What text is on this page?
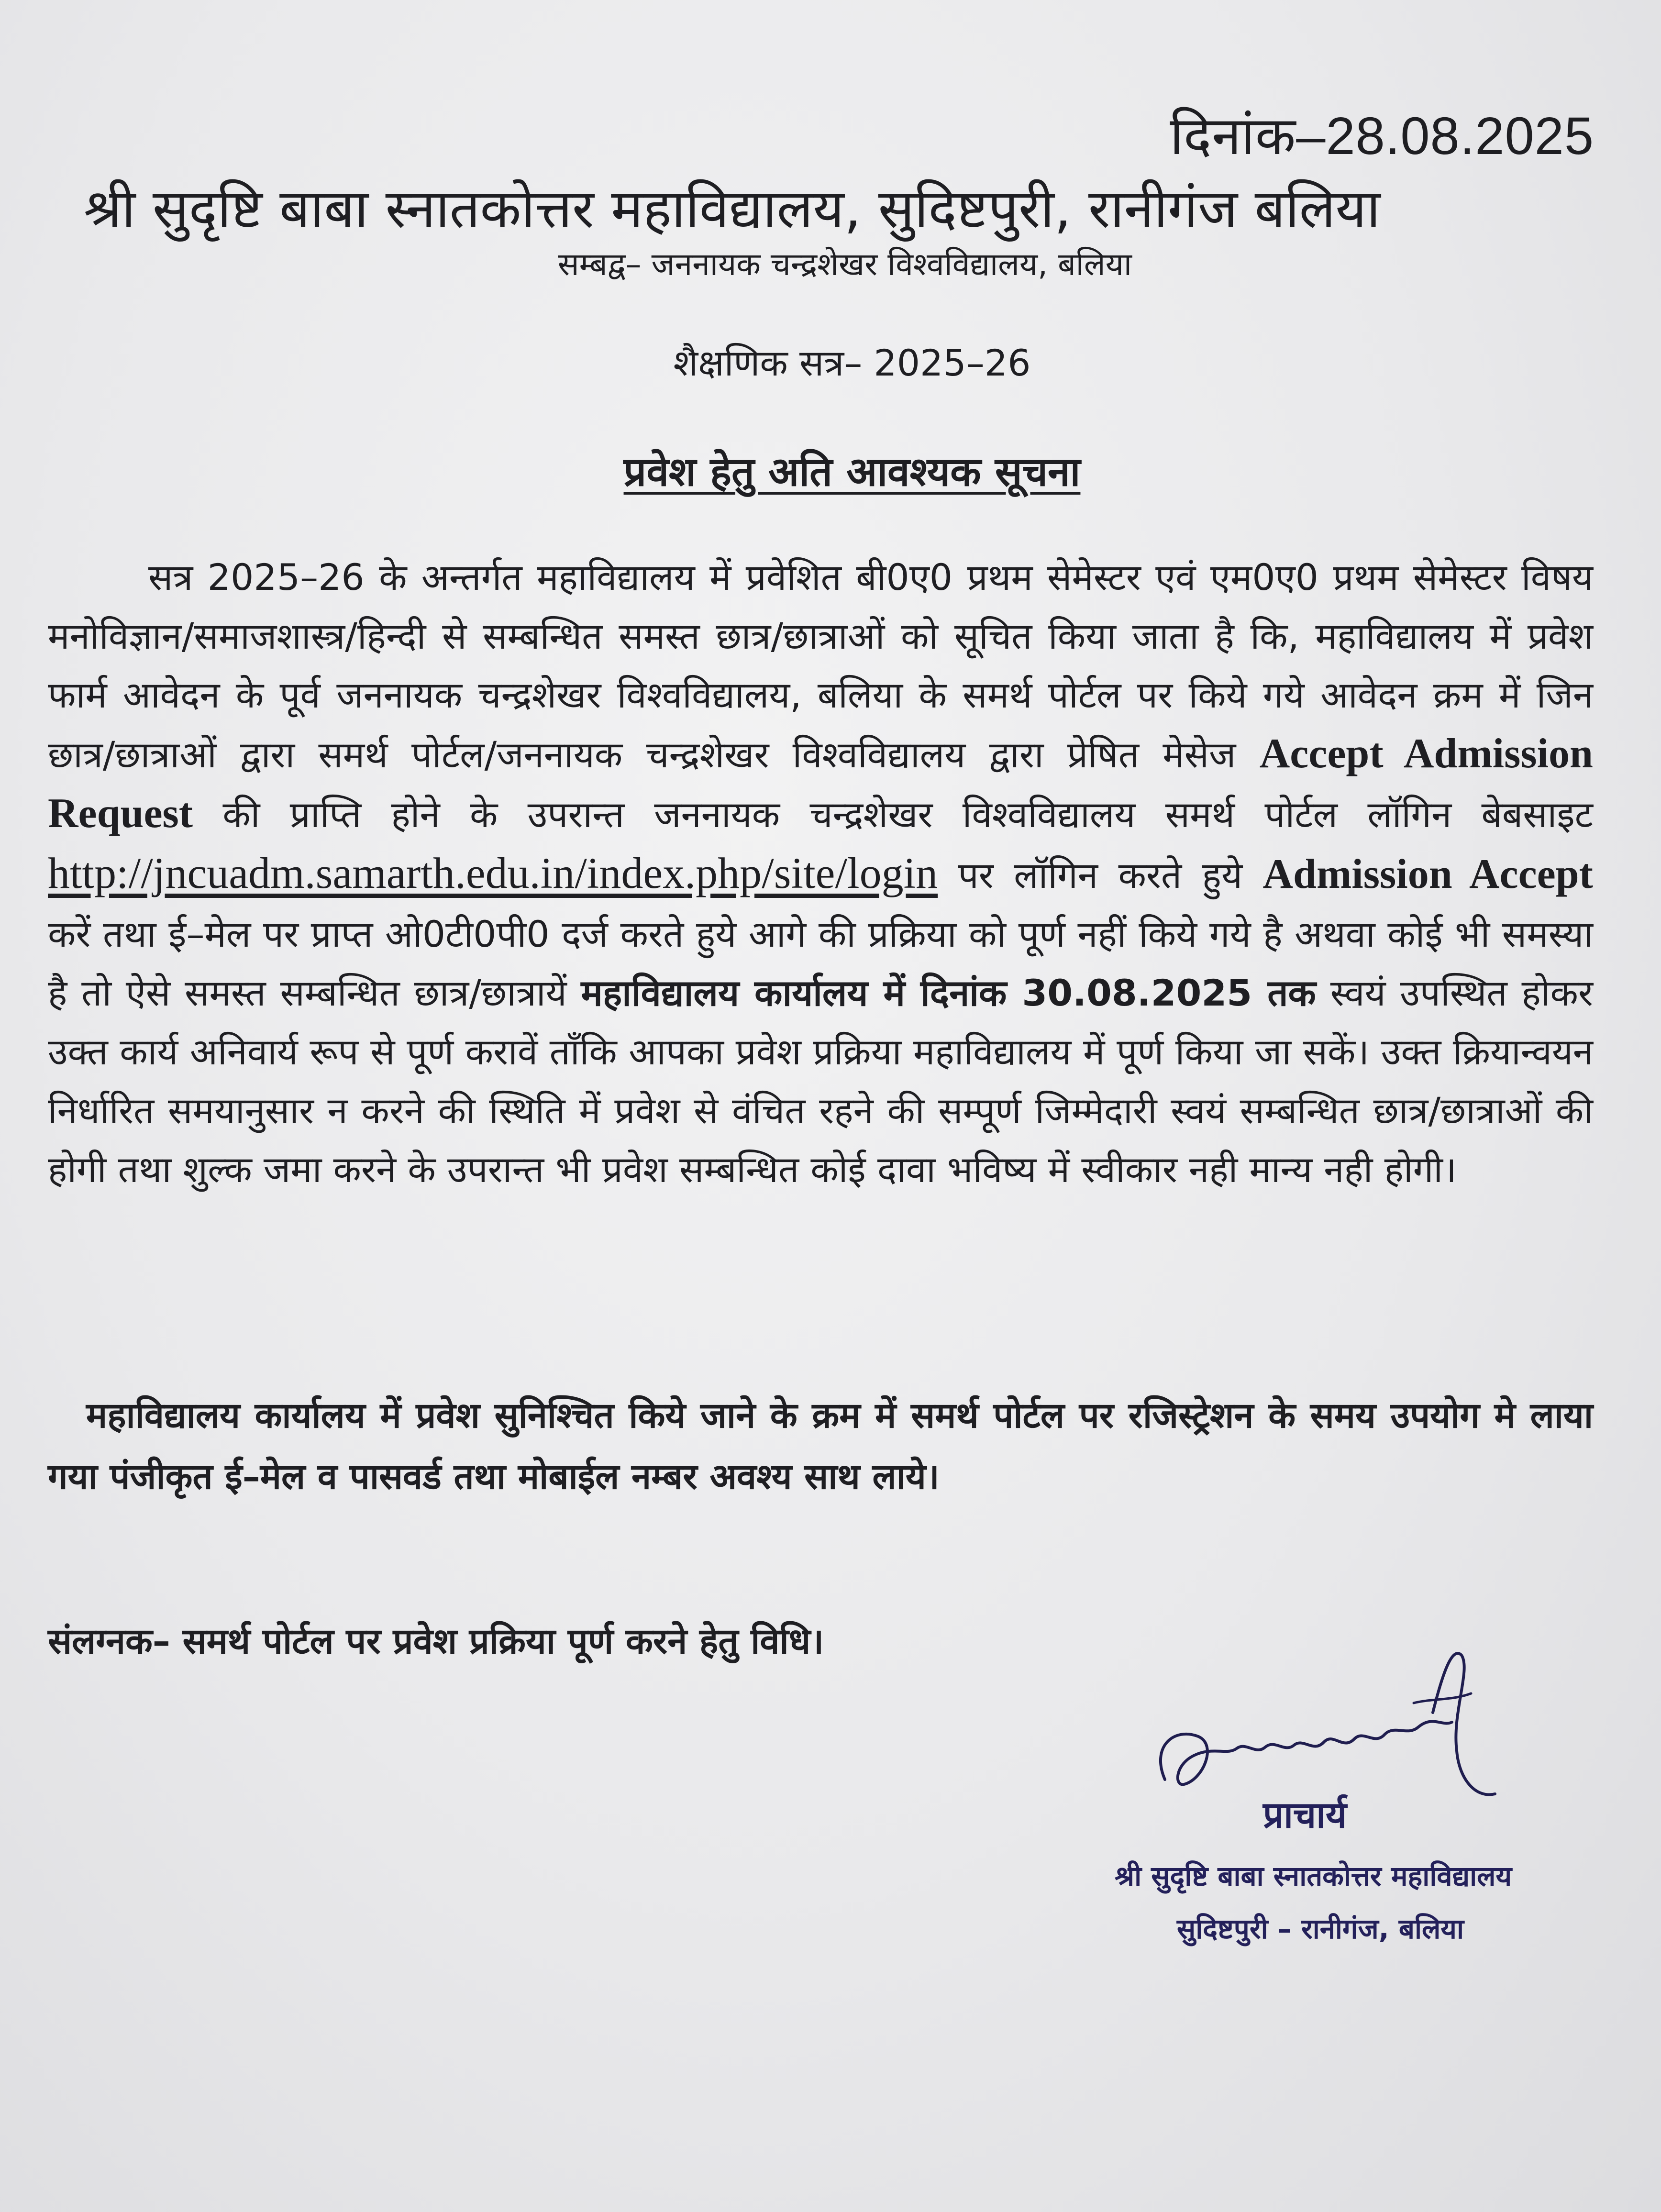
दिनांक–28.08.2025
श्री सुदृष्टि बाबा स्नातकोत्तर महाविद्यालय, सुदिष्टपुरी, रानीगंज बलिया
सम्बद्व– जननायक चन्द्रशेखर विश्वविद्यालय, बलिया
शैक्षणिक सत्र– 2025–26
प्रवेश हेतु अति आवश्यक सूचना
सत्र 2025–26 के अन्तर्गत महाविद्यालय में प्रवेशित बी0ए0 प्रथम सेमेस्टर एवं एम0ए0 प्रथम सेमेस्टर विषय मनोविज्ञान/समाजशास्त्र/हिन्दी से सम्बन्धित समस्त छात्र/छात्राओं को सूचित किया जाता है कि, महाविद्यालय में प्रवेश फार्म आवेदन के पूर्व जननायक चन्द्रशेखर विश्वविद्यालय, बलिया के समर्थ पोर्टल पर किये गये आवेदन क्रम में जिन छात्र/छात्राओं द्वारा समर्थ पोर्टल/जननायक चन्द्रशेखर विश्वविद्यालय द्वारा प्रेषित मेसेज Accept Admission Request की प्राप्ति होने के उपरान्त जननायक चन्द्रशेखर विश्वविद्यालय समर्थ पोर्टल लॉगिन बेबसाइट http://jncuadm.samarth.edu.in/index.php/site/login पर लॉगिन करते हुये Admission Accept करें तथा ई–मेल पर प्राप्त ओ0टी0पी0 दर्ज करते हुये आगे की प्रक्रिया को पूर्ण नहीं किये गये है अथवा कोई भी समस्या है तो ऐसे समस्त सम्बन्धित छात्र/छात्रायें महाविद्यालय कार्यालय में दिनांक 30.08.2025 तक स्वयं उपस्थित होकर उक्त कार्य अनिवार्य रूप से पूर्ण करावें ताँकि आपका प्रवेश प्रक्रिया महाविद्यालय में पूर्ण किया जा सकें। उक्त क्रियान्वयन निर्धारित समयानुसार न करने की स्थिति में प्रवेश से वंचित रहने की सम्पूर्ण जिम्मेदारी स्वयं सम्बन्धित छात्र/छात्राओं की होगी तथा शुल्क जमा करने के उपरान्त भी प्रवेश सम्बन्धित कोई दावा भविष्य में स्वीकार नही मान्य नही होगी।
महाविद्यालय कार्यालय में प्रवेश सुनिश्चित किये जाने के क्रम में समर्थ पोर्टल पर रजिस्ट्रेशन के समय उपयोग मे लाया गया पंजीकृत ई–मेल व पासवर्ड तथा मोबाईल नम्बर अवश्य साथ लाये।
संलग्नक– समर्थ पोर्टल पर प्रवेश प्रक्रिया पूर्ण करने हेतु विधि।
प्राचार्य
श्री सुदृष्टि बाबा स्नातकोत्तर महाविद्यालय
सुदिष्टपुरी – रानीगंज, बलिया
